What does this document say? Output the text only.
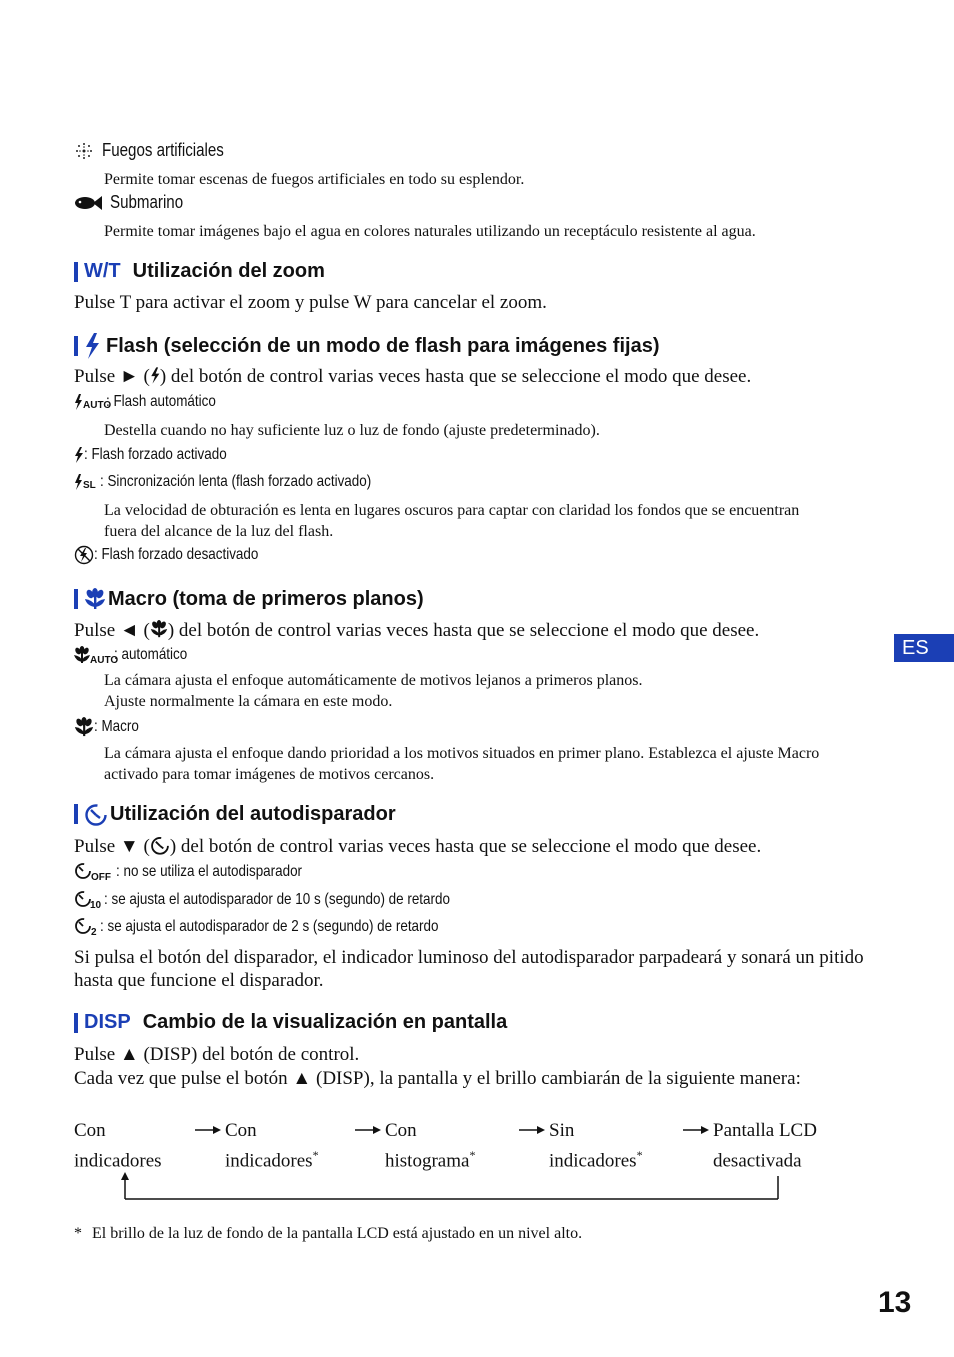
Fuegos artificiales
Permite tomar escenas de fuegos artificiales en todo su esplendor.
Submarino
Permite tomar imágenes bajo el agua en colores naturales utilizando un receptáculo resistente al agua.
W/T Utilización del zoom
Pulse T para activar el zoom y pulse W para cancelar el zoom.
Flash (selección de un modo de flash para imágenes fijas)
Pulse ► ( ) del botón de control varias veces hasta que se seleccione el modo que desee.
AUTO
: Flash automático
Destella cuando no hay suficiente luz o luz de fondo (ajuste predeterminado).
: Flash forzado activado
SL : Sincronización lenta (flash forzado activado)
La velocidad de obturación es lenta en lugares oscuros para captar con claridad los fondos que se encuentran fuera del alcance de la luz del flash.
: Flash forzado desactivado
Macro (toma de primeros planos)
Pulse ◄ ( ) del botón de control varias veces hasta que se seleccione el modo que desee.
AUTO
: automático
La cámara ajusta el enfoque automáticamente de motivos lejanos a primeros planos.
Ajuste normalmente la cámara en este modo.
: Macro
La cámara ajusta el enfoque dando prioridad a los motivos situados en primer plano. Establezca el ajuste Macro activado para tomar imágenes de motivos cercanos.
Utilización del autodisparador
Pulse ▼ ( ) del botón de control varias veces hasta que se seleccione el modo que desee.
OFF : no se utiliza el autodisparador
10 : se ajusta el autodisparador de 10 s (segundo) de retardo
2 : se ajusta el autodisparador de 2 s (segundo) de retardo
Si pulsa el botón del disparador, el indicador luminoso del autodisparador parpadeará y sonará un pitido hasta que funcione el disparador.
DISP Cambio de la visualización en pantalla
Pulse ▲ (DISP) del botón de control.
Cada vez que pulse el botón ▲ (DISP), la pantalla y el brillo cambiarán de la siguiente manera:
Con
indicadores
Con
indicadores*
Con
histograma*
Sin
indicadores*
Pantalla LCD
desactivada
* El brillo de la luz de fondo de la pantalla LCD está ajustado en un nivel alto.
ES
13
